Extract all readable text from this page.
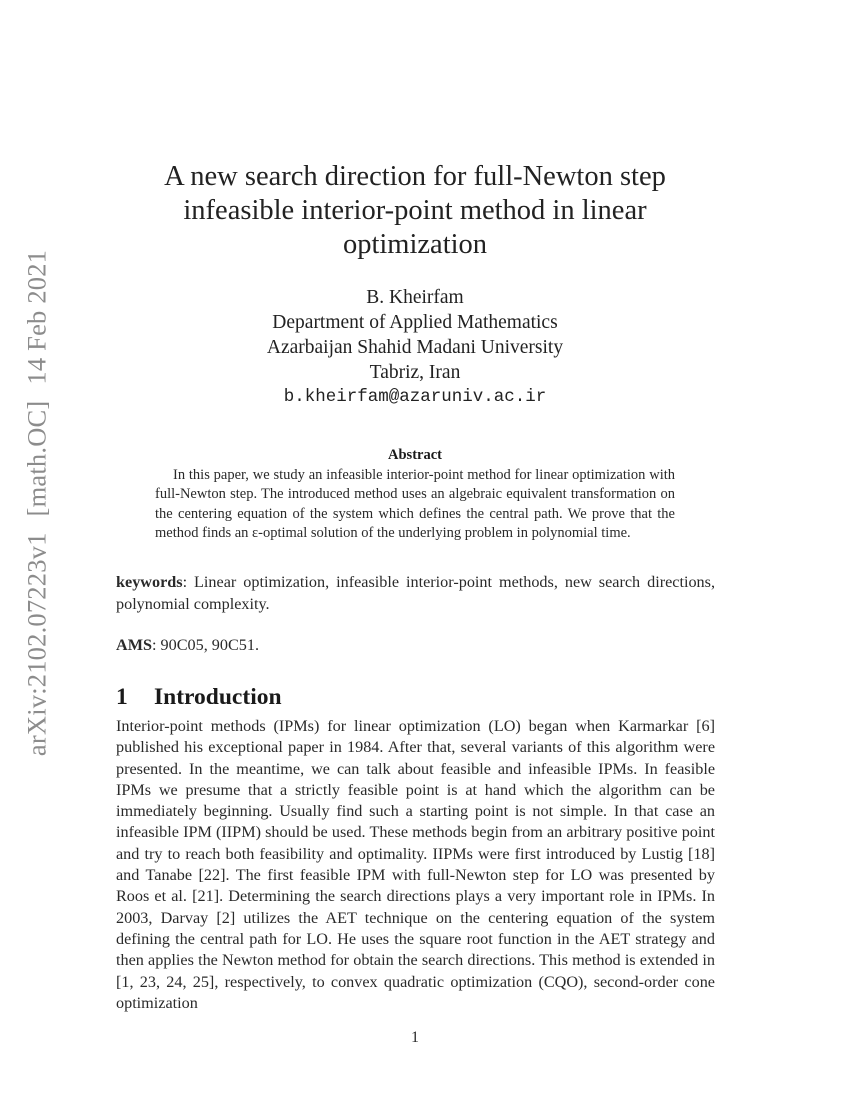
arXiv:2102.07223v1[math.OC]14 Feb 2021
A new search direction for full-Newton step infeasible interior-point method in linear optimization
B. Kheirfam
Department of Applied Mathematics
Azarbaijan Shahid Madani University
Tabriz, Iran
b.kheirfam@azaruniv.ac.ir
Abstract

In this paper, we study an infeasible interior-point method for linear optimization with full-Newton step. The introduced method uses an algebraic equivalent transformation on the centering equation of the system which defines the central path. We prove that the method finds an ε-optimal solution of the underlying problem in polynomial time.

keywords: Linear optimization, infeasible interior-point methods, new search directions, polynomial complexity.

AMS: 90C05, 90C51.

1 Introduction

Interior-point methods (IPMs) for linear optimization (LO) began when Karmarkar [6] published his exceptional paper in 1984. After that, several variants of this algorithm were presented. In the meantime, we can talk about feasible and infeasible IPMs. In feasible IPMs we presume that a strictly feasible point is at hand which the algorithm can be immediately beginning. Usually find such a starting point is not simple. In that case an infeasible IPM (IIPM) should be used. These methods begin from an arbitrary positive point and try to reach both feasibility and optimality. IIPMs were first introduced by Lustig [18] and Tanabe [22]. The first feasible IPM with full-Newton step for LO was presented by Roos et al. [21]. Determining the search directions plays a very important role in IPMs. In 2003, Darvay [2] utilizes the AET technique on the centering equation of the system defining the central path for LO. He uses the square root function in the AET strategy and then applies the Newton method for obtain the search directions. This method is extended in [1, 23, 24, 25], respectively, to convex quadratic optimization (CQO), second-order cone optimization

1
